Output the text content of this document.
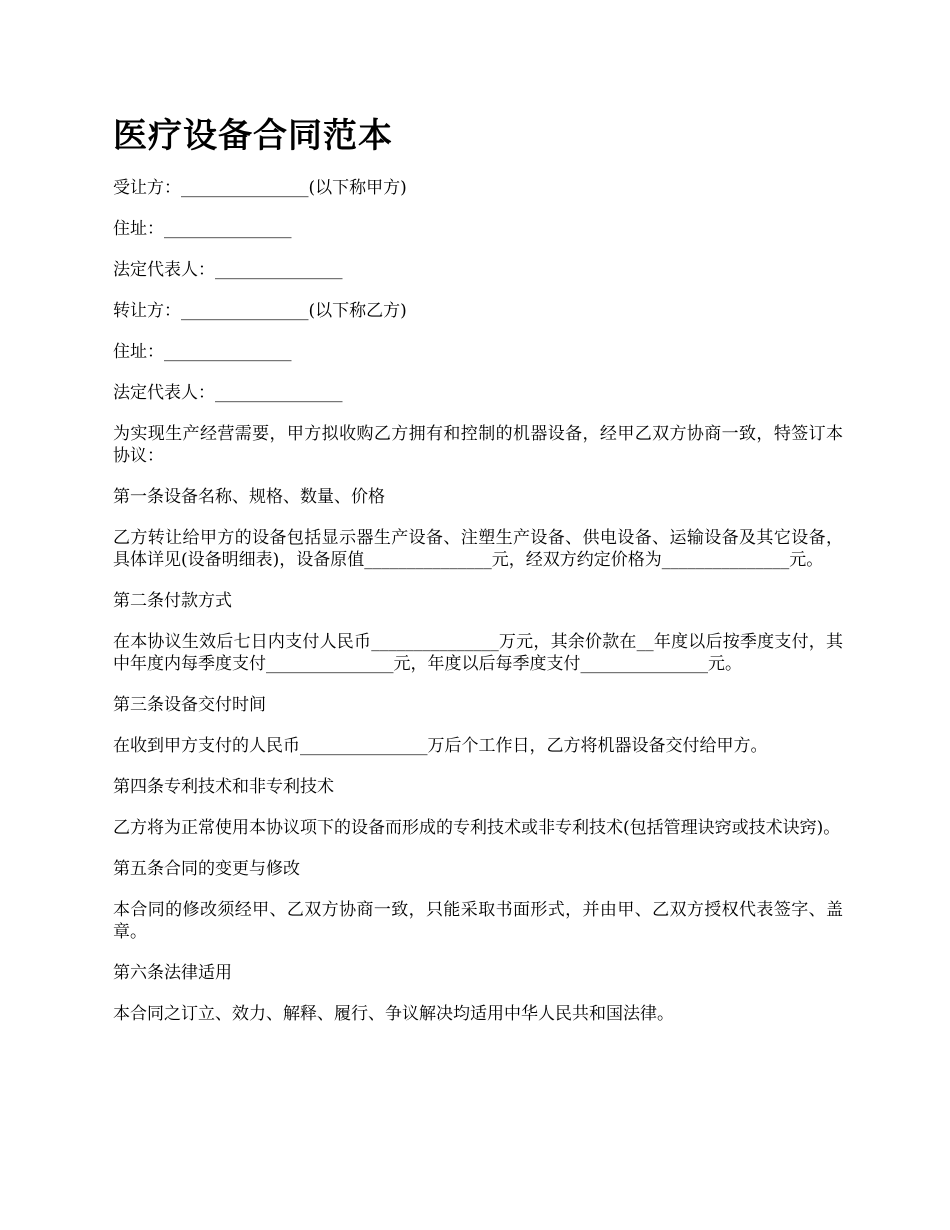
医疗设备合同范本

受让方：_______________(以下称甲方)

住址：_______________

法定代表人：_______________

转让方：_______________(以下称乙方)

住址：_______________

法定代表人：_______________

为实现生产经营需要，甲方拟收购乙方拥有和控制的机器设备，经甲乙双方协商一致，特签订本协议：

第一条设备名称、规格、数量、价格

乙方转让给甲方的设备包括显示器生产设备、注塑生产设备、供电设备、运输设备及其它设备，具体详见(设备明细表)，设备原值_______________元，经双方约定价格为_______________元。

第二条付款方式

在本协议生效后七日内支付人民币_______________万元，其余价款在__年度以后按季度支付，其中年度内每季度支付_______________元，年度以后每季度支付_______________元。

第三条设备交付时间

在收到甲方支付的人民币_______________万后个工作日，乙方将机器设备交付给甲方。

第四条专利技术和非专利技术

乙方将为正常使用本协议项下的设备而形成的专利技术或非专利技术(包括管理诀窍或技术诀窍)。

第五条合同的变更与修改

本合同的修改须经甲、乙双方协商一致，只能采取书面形式，并由甲、乙双方授权代表签字、盖章。

第六条法律适用

本合同之订立、效力、解释、履行、争议解决均适用中华人民共和国法律。
